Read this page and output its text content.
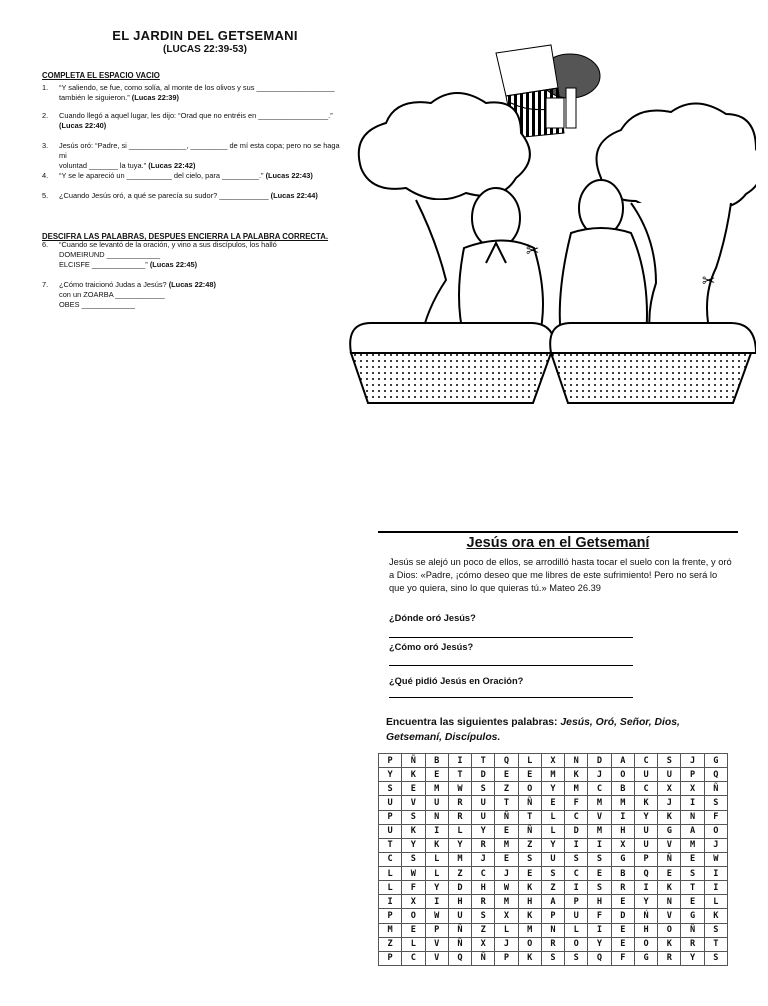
EL JARDIN DEL GETSEMANI
(LUCAS 22:39-53)
COMPLETA EL ESPACIO VACIO
1. “Y saliendo, se fue, como solía, al monte de los olivos y sus ___________________
también le siguieron.” (Lucas 22:39)
2. Cuando llegó a aquel lugar, les dijo: “Orad que no entréis en _________________.”
(Lucas 22:40)
3. Jesús oró: “Padre, si ______________, _________ de mí esta copa; pero no se haga mi
voluntad _______ la tuya.” (Lucas 22:42)
4. “Y se le apareció un ___________ del cielo, para _________.” (Lucas 22:43)
5. ¿Cuando Jesús oró, a qué se parecía su sudor? ____________ (Lucas 22:44)
DESCIFRA LAS PALABRAS, DESPUES ENCIERRA LA PALABRA CORRECTA.
6. “Cuando se levantó de la oración, y vino a sus discípulos, los halló
DOMEIRUND _____________
ELCISFE _____________” (Lucas 22:45)
7. ¿Cómo traicionó Judas a Jesús? (Lucas 22:48)
con un ZOARBA ____________
OBES _____________
✂
✂
Jesús ora en el Getsemaní
Jesús se alejó un poco de ellos, se arrodilló hasta tocar el suelo con la frente, y oró a Dios: «Padre, ¡cómo deseo que me libres de este sufrimiento! Pero no será lo que yo quiera, sino lo que quieras tú.» Mateo 26.39
¿Dónde oró Jesús?
¿Cómo oró Jesús?
¿Qué pidió Jesús en Oración?
Encuentra las siguientes palabras: Jesús, Oró, Señor, Dios, Getsemaní, Discípulos.
P	Ñ	B	I	T	Q	L	X	N	D	A	C	S	J	G
Y	K	E	T	D	E	E	M	K	J	O	U	U	P	Q
S	E	M	W	S	Z	O	Y	M	C	B	C	X	X	Ñ
U	V	U	R	U	T	Ñ	E	F	M	M	K	J	I	S
P	S	N	R	U	Ñ	T	L	C	V	I	Y	K	N	F
U	K	I	L	Y	E	Ñ	L	D	M	H	U	G	A	O
T	Y	K	Y	R	M	Z	Y	I	I	X	U	V	M	J
C	S	L	M	J	E	S	U	S	S	G	P	Ñ	E	W
L	W	L	Z	C	J	E	S	C	E	B	Q	E	S	I
L	F	Y	D	H	W	K	Z	I	S	R	I	K	T	I
I	X	I	H	R	M	H	A	P	H	E	Y	N	E	L
P	O	W	U	S	X	K	P	U	F	D	Ń	V	G	K
M	E	P	Ñ	Z	L	M	N	L	I	E	H	O	Ñ	S
Z	L	V	Ñ	X	J	O	R	O	Y	E	O	K	R	T
P	C	V	Q	Ñ	P	K	S	S	Q	F	G	R	Y	S
